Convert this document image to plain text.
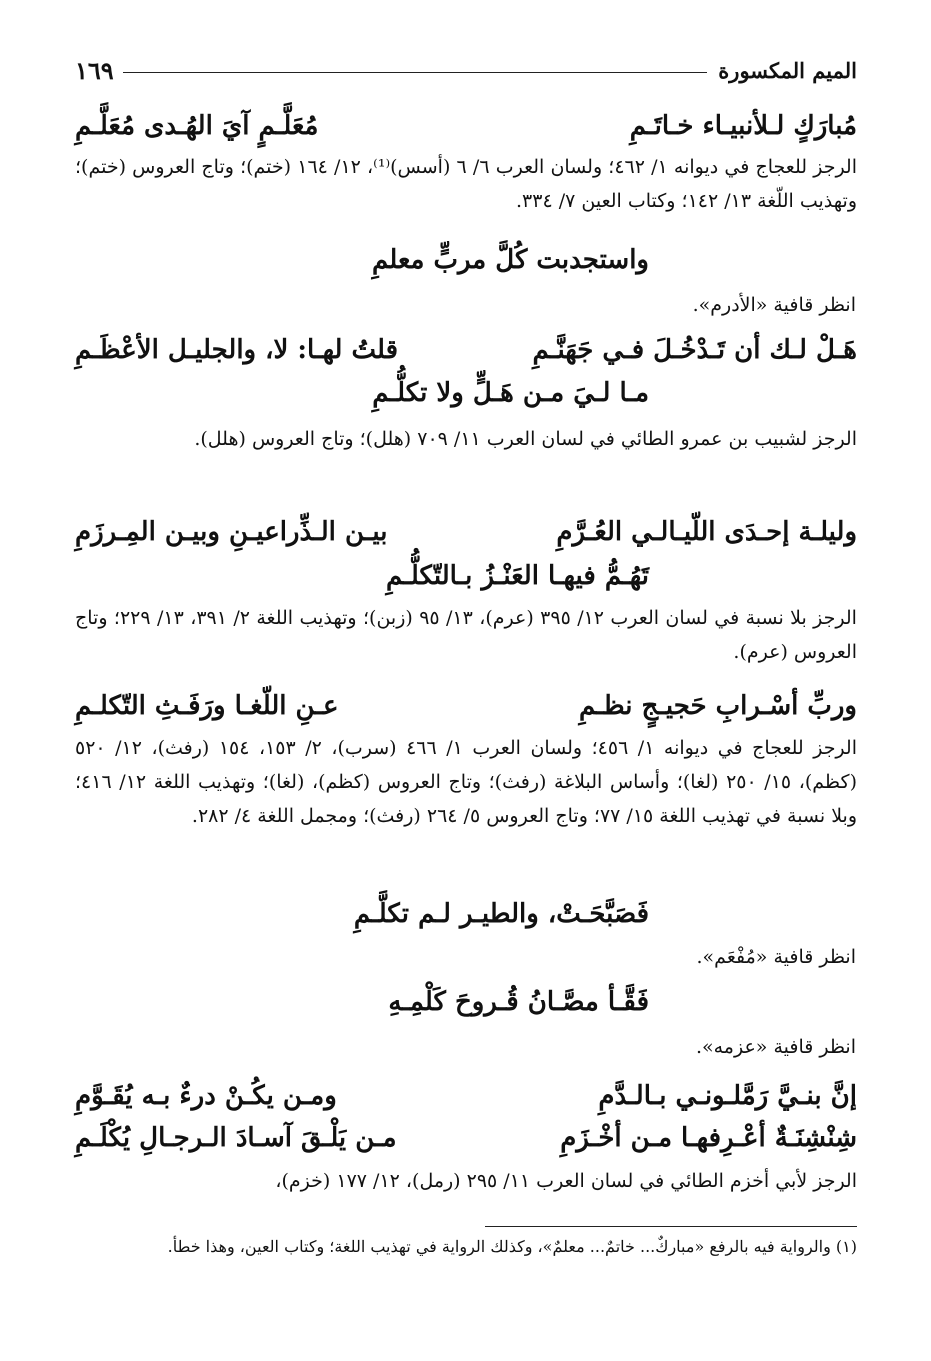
١٦٩	الميم المكسورة
مُبارَكٍ لـلأنبيـاء خـاتَـمِ
مُعَلَّـمٍ آيَ الهُـدى مُعَلَّـمِ
الرجز للعجاج في ديوانه ١/ ٤٦٢؛ ولسان العرب ٦/ ٦ (أسس)⁽¹⁾، ١٢/ ١٦٤ (ختم)؛ وتاج العروس (ختم)؛ وتهذيب اللّغة ١٣/ ١٤٢؛ وكتاب العين ٧/ ٣٣٤.
واستجدبت كُلَّ مربٍّ معلمِ
انظر قافية «الأدرم».
هَـلْ لـك أن تَـدْخُـلَ فـي جَهَنَّـمِ
قلتُ لهـا: لا، والجليـل الأعْظَـمِ
مـا لـيَ مـن هَـلٍّ ولا تكلُّـمِ
الرجز لشبيب بن عمرو الطائي في لسان العرب ١١/ ٧٠٩ (هلل)؛ وتاج العروس (هلل).
وليلـة إحـدَى اللّيـالـي العُـرَّمِ
بيـن الـذِّراعيـنِ وبيـن المِـرزَمِ
تَهُـمُّ فيهـا العَنْـزُ بـالتّكلُّـمِ
الرجز بلا نسبة في لسان العرب ١٢/ ٣٩٥ (عرم)، ١٣/ ٩٥ (زبن)؛ وتهذيب اللغة ٢/ ٣٩١، ١٣/ ٢٢٩؛ وتاج العروس (عرم).
وربِّ أسْـرابِ حَجيـجٍ نظـمِ
عـنِ اللّغـا ورَفَـثِ التّكلـمِ
الرجز للعجاج في ديوانه ١/ ٤٥٦؛ ولسان العرب ١/ ٤٦٦ (سرب)، ٢/ ١٥٣، ١٥٤ (رفث)، ١٢/ ٥٢٠ (كظم)، ١٥/ ٢٥٠ (لغا)؛ وأساس البلاغة (رفث)؛ وتاج العروس (كظم)، (لغا)؛ وتهذيب اللغة ١٢/ ٤١٦؛ وبلا نسبة في تهذيب اللغة ١٥/ ٧٧؛ وتاج العروس ٥/ ٢٦٤ (رفث)؛ ومجمل اللغة ٤/ ٢٨٢.
فَصَبَّحَـتْ، والطيـر لـم تكلَّـمِ
انظر قافية «مُفْعَم».
فَقَّـأ مصَّـانُ قُـروحَ كَلْمِـهِ
انظر قافية «عزمه».
إنَّ بنـيَّ رَمَّلـونـي بـالـدَّمِ
ومـن يكُـنْ درءٌ بـه يُقَـوَّمِ
شِنْشِنَـةٌ أعْـرِفهـا مـن أخْـزَمِ
مـن يَلْـقَ آسـادَ الـرجـالِ يُكْلَـمِ
الرجز لأبي أخزم الطائي في لسان العرب ١١/ ٢٩٥ (رمل)، ١٢/ ١٧٧ (خزم)،
(١) والرواية فيه بالرفع «مباركٌ... خاتمٌ... معلمٌ»، وكذلك الرواية في تهذيب اللغة؛ وكتاب العين، وهذا خطأ.
